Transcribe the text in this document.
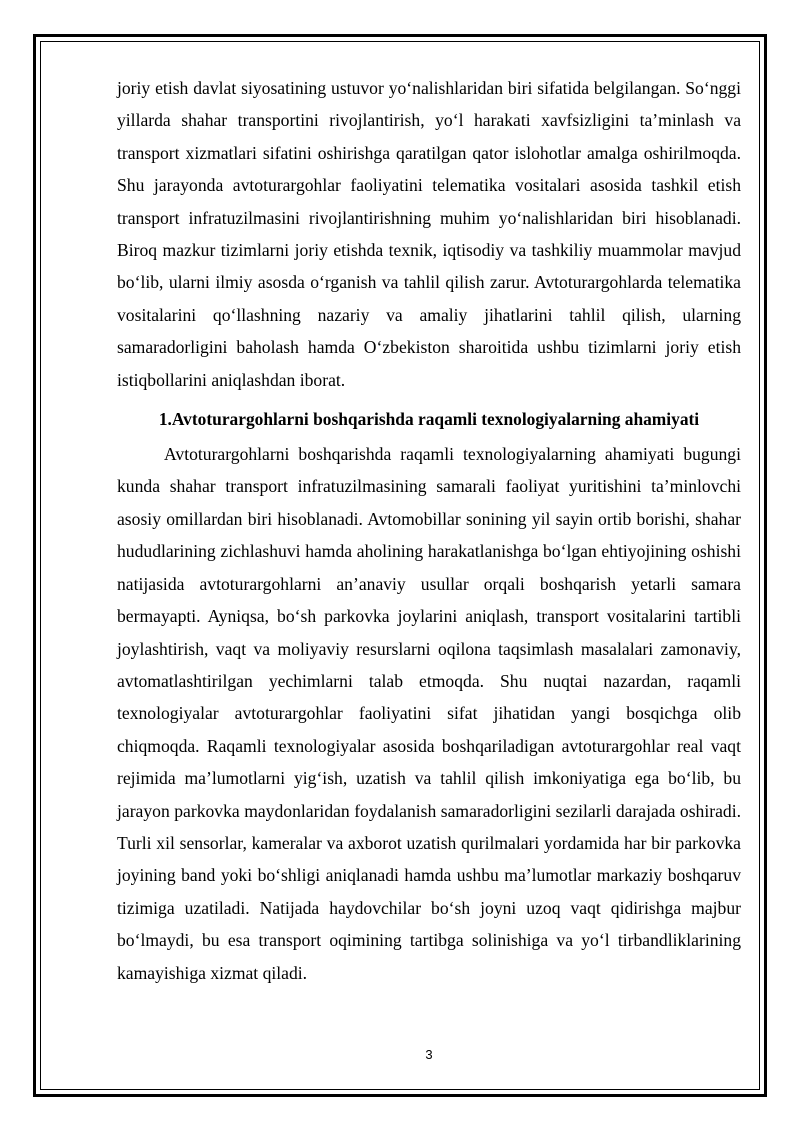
joriy etish davlat siyosatining ustuvor yo‘nalishlaridan biri sifatida belgilangan. So‘nggi yillarda shahar transportini rivojlantirish, yo‘l harakati xavfsizligini ta’minlash va transport xizmatlari sifatini oshirishga qaratilgan qator islohotlar amalga oshirilmoqda. Shu jarayonda avtoturargohlar faoliyatini telematika vositalari asosida tashkil etish transport infratuzilmasini rivojlantirishning muhim yo‘nalishlaridan biri hisoblanadi. Biroq mazkur tizimlarni joriy etishda texnik, iqtisodiy va tashkiliy muammolar mavjud bo‘lib, ularni ilmiy asosda o‘rganish va tahlil qilish zarur. Avtoturargohlarda telematika vositalarini qo‘llashning nazariy va amaliy jihatlarini tahlil qilish, ularning samaradorligini baholash hamda O‘zbekiston sharoitida ushbu tizimlarni joriy etish istiqbollarini aniqlashdan iborat.

1.Avtoturargohlarni boshqarishda raqamli texnologiyalarning ahamiyati

Avtoturargohlarni boshqarishda raqamli texnologiyalarning ahamiyati bugungi kunda shahar transport infratuzilmasining samarali faoliyat yuritishini ta’minlovchi asosiy omillardan biri hisoblanadi. Avtomobillar sonining yil sayin ortib borishi, shahar hududlarining zichlashuvi hamda aholining harakatlanishga bo‘lgan ehtiyojining oshishi natijasida avtoturargohlarni an’anaviy usullar orqali boshqarish yetarli samara bermayapti. Ayniqsa, bo‘sh parkovka joylarini aniqlash, transport vositalarini tartibli joylashtirish, vaqt va moliyaviy resurslarni oqilona taqsimlash masalalari zamonaviy, avtomatlashtirilgan yechimlarni talab etmoqda. Shu nuqtai nazardan, raqamli texnologiyalar avtoturargohlar faoliyatini sifat jihatidan yangi bosqichga olib chiqmoqda. Raqamli texnologiyalar asosida boshqariladigan avtoturargohlar real vaqt rejimida ma’lumotlarni yig‘ish, uzatish va tahlil qilish imkoniyatiga ega bo‘lib, bu jarayon parkovka maydonlaridan foydalanish samaradorligini sezilarli darajada oshiradi. Turli xil sensorlar, kameralar va axborot uzatish qurilmalari yordamida har bir parkovka joyining band yoki bo‘shligi aniqlanadi hamda ushbu ma’lumotlar markaziy boshqaruv tizimiga uzatiladi. Natijada haydovchilar bo‘sh joyni uzoq vaqt qidirishga majbur bo‘lmaydi, bu esa transport oqimining tartibga solinishiga va yo‘l tirbandliklarining kamayishiga xizmat qiladi.

3
